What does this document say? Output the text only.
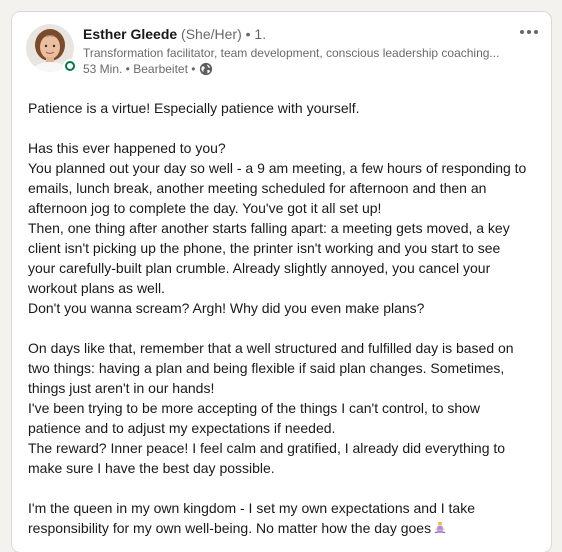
Esther Gleede (She/Her) • 1.
Transformation facilitator, team development, conscious leadership coaching...
53 Min. • Bearbeitet •

Patience is a virtue! Especially patience with yourself.

Has this ever happened to you?

You planned out your day so well - a 9 am meeting, a few hours of responding to

emails, lunch break, another meeting scheduled for afternoon and then an

afternoon jog to complete the day. You've got it all set up!

Then, one thing after another starts falling apart: a meeting gets moved, a key

client isn't picking up the phone, the printer isn't working and you start to see

your carefully-built plan crumble. Already slightly annoyed, you cancel your

workout plans as well.

Don't you wanna scream? Argh! Why did you even make plans?

On days like that, remember that a well structured and fulfilled day is based on

two things: having a plan and being flexible if said plan changes. Sometimes,

things just aren't in our hands!

I've been trying to be more accepting of the things I can't control, to show

patience and to adjust my expectations if needed.

The reward? Inner peace! I feel calm and gratified, I already did everything to

make sure I have the best day possible.

I'm the queen in my own kingdom - I set my own expectations and I take

responsibility for my own well-being. No matter how the day goes
